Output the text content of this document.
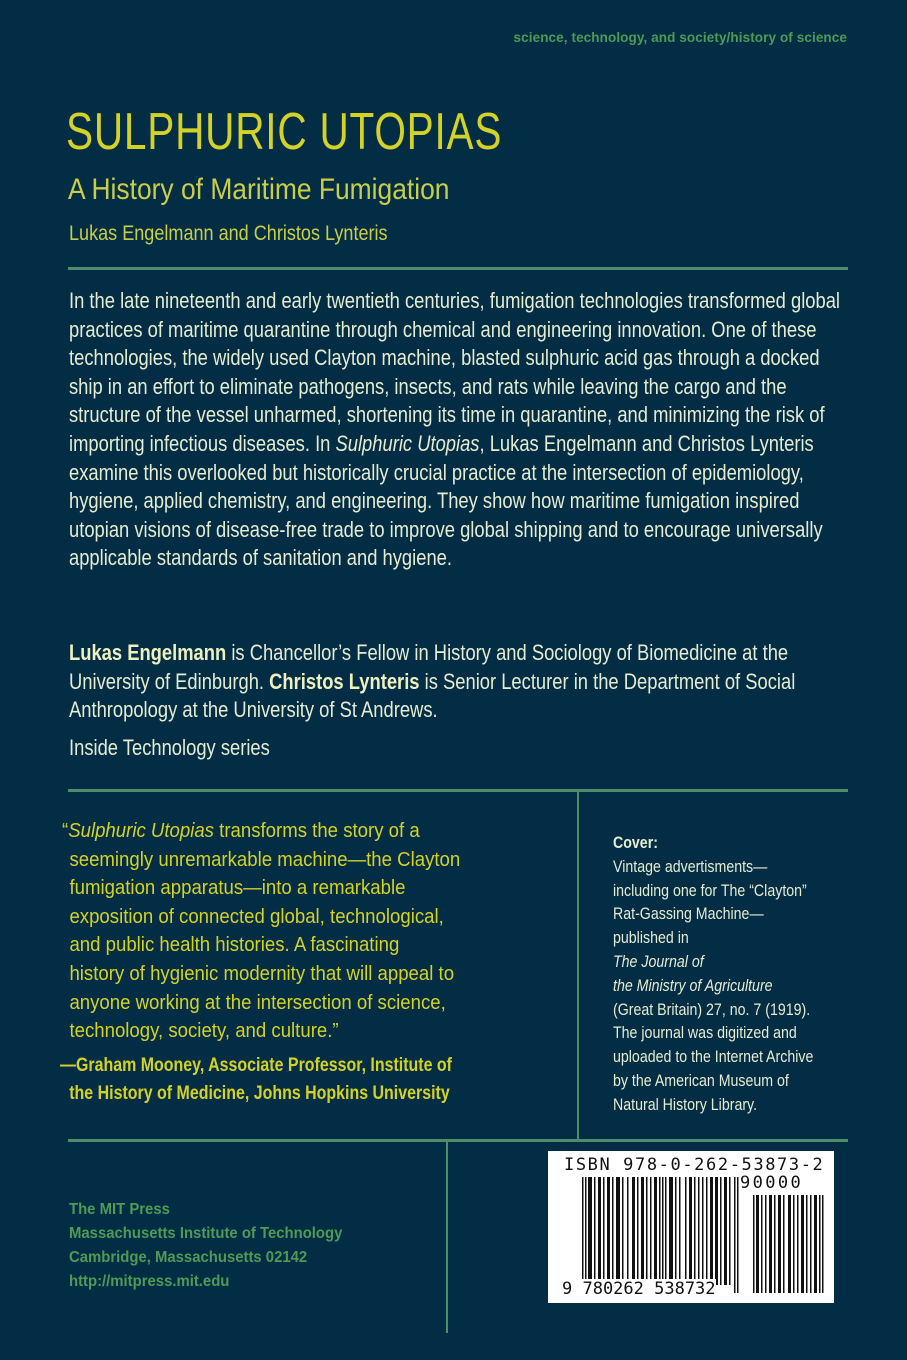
science, technology, and society/history of science
SULPHURIC UTOPIAS
A History of Maritime Fumigation
Lukas Engelmann and Christos Lynteris

In the late nineteenth and early twentieth centuries, fumigation technologies transformed global practices of maritime quarantine through chemical and engineering innovation. One of these technologies, the widely used Clayton machine, blasted sulphuric acid gas through a docked ship in an effort to eliminate pathogens, insects, and rats while leaving the cargo and the structure of the vessel unharmed, shortening its time in quarantine, and minimizing the risk of importing infectious diseases. In Sulphuric Utopias, Lukas Engelmann and Christos Lynteris examine this overlooked but historically crucial practice at the intersection of epidemiology, hygiene, applied chemistry, and engineering. They show how maritime fumigation inspired utopian visions of disease-free trade to improve global shipping and to encourage universally applicable standards of sanitation and hygiene.

Lukas Engelmann is Chancellor’s Fellow in History and Sociology of Biomedicine at the University of Edinburgh. Christos Lynteris is Senior Lecturer in the Department of Social Anthropology at the University of St Andrews.

Inside Technology series

“Sulphuric Utopias transforms the story of a
seemingly unremarkable machine—the Clayton
fumigation apparatus—into a remarkable
exposition of connected global, technological,
and public health histories. A fascinating
history of hygienic modernity that will appeal to
anyone working at the intersection of science,
technology, society, and culture.”
—Graham Mooney, Associate Professor, Institute of
the History of Medicine, Johns Hopkins University
Cover:
Vintage advertisments—
including one for The “Clayton”
Rat-Gassing Machine—
published in
The Journal of
the Ministry of Agriculture
(Great Britain) 27, no. 7 (1919).
The journal was digitized and
uploaded to the Internet Archive
by the American Museum of
Natural History Library.
The MIT Press
Massachusetts Institute of Technology
Cambridge, Massachusetts 02142
http://mitpress.mit.edu
ISBN 978-0-262-53873-2
90000
9 780262 538732
